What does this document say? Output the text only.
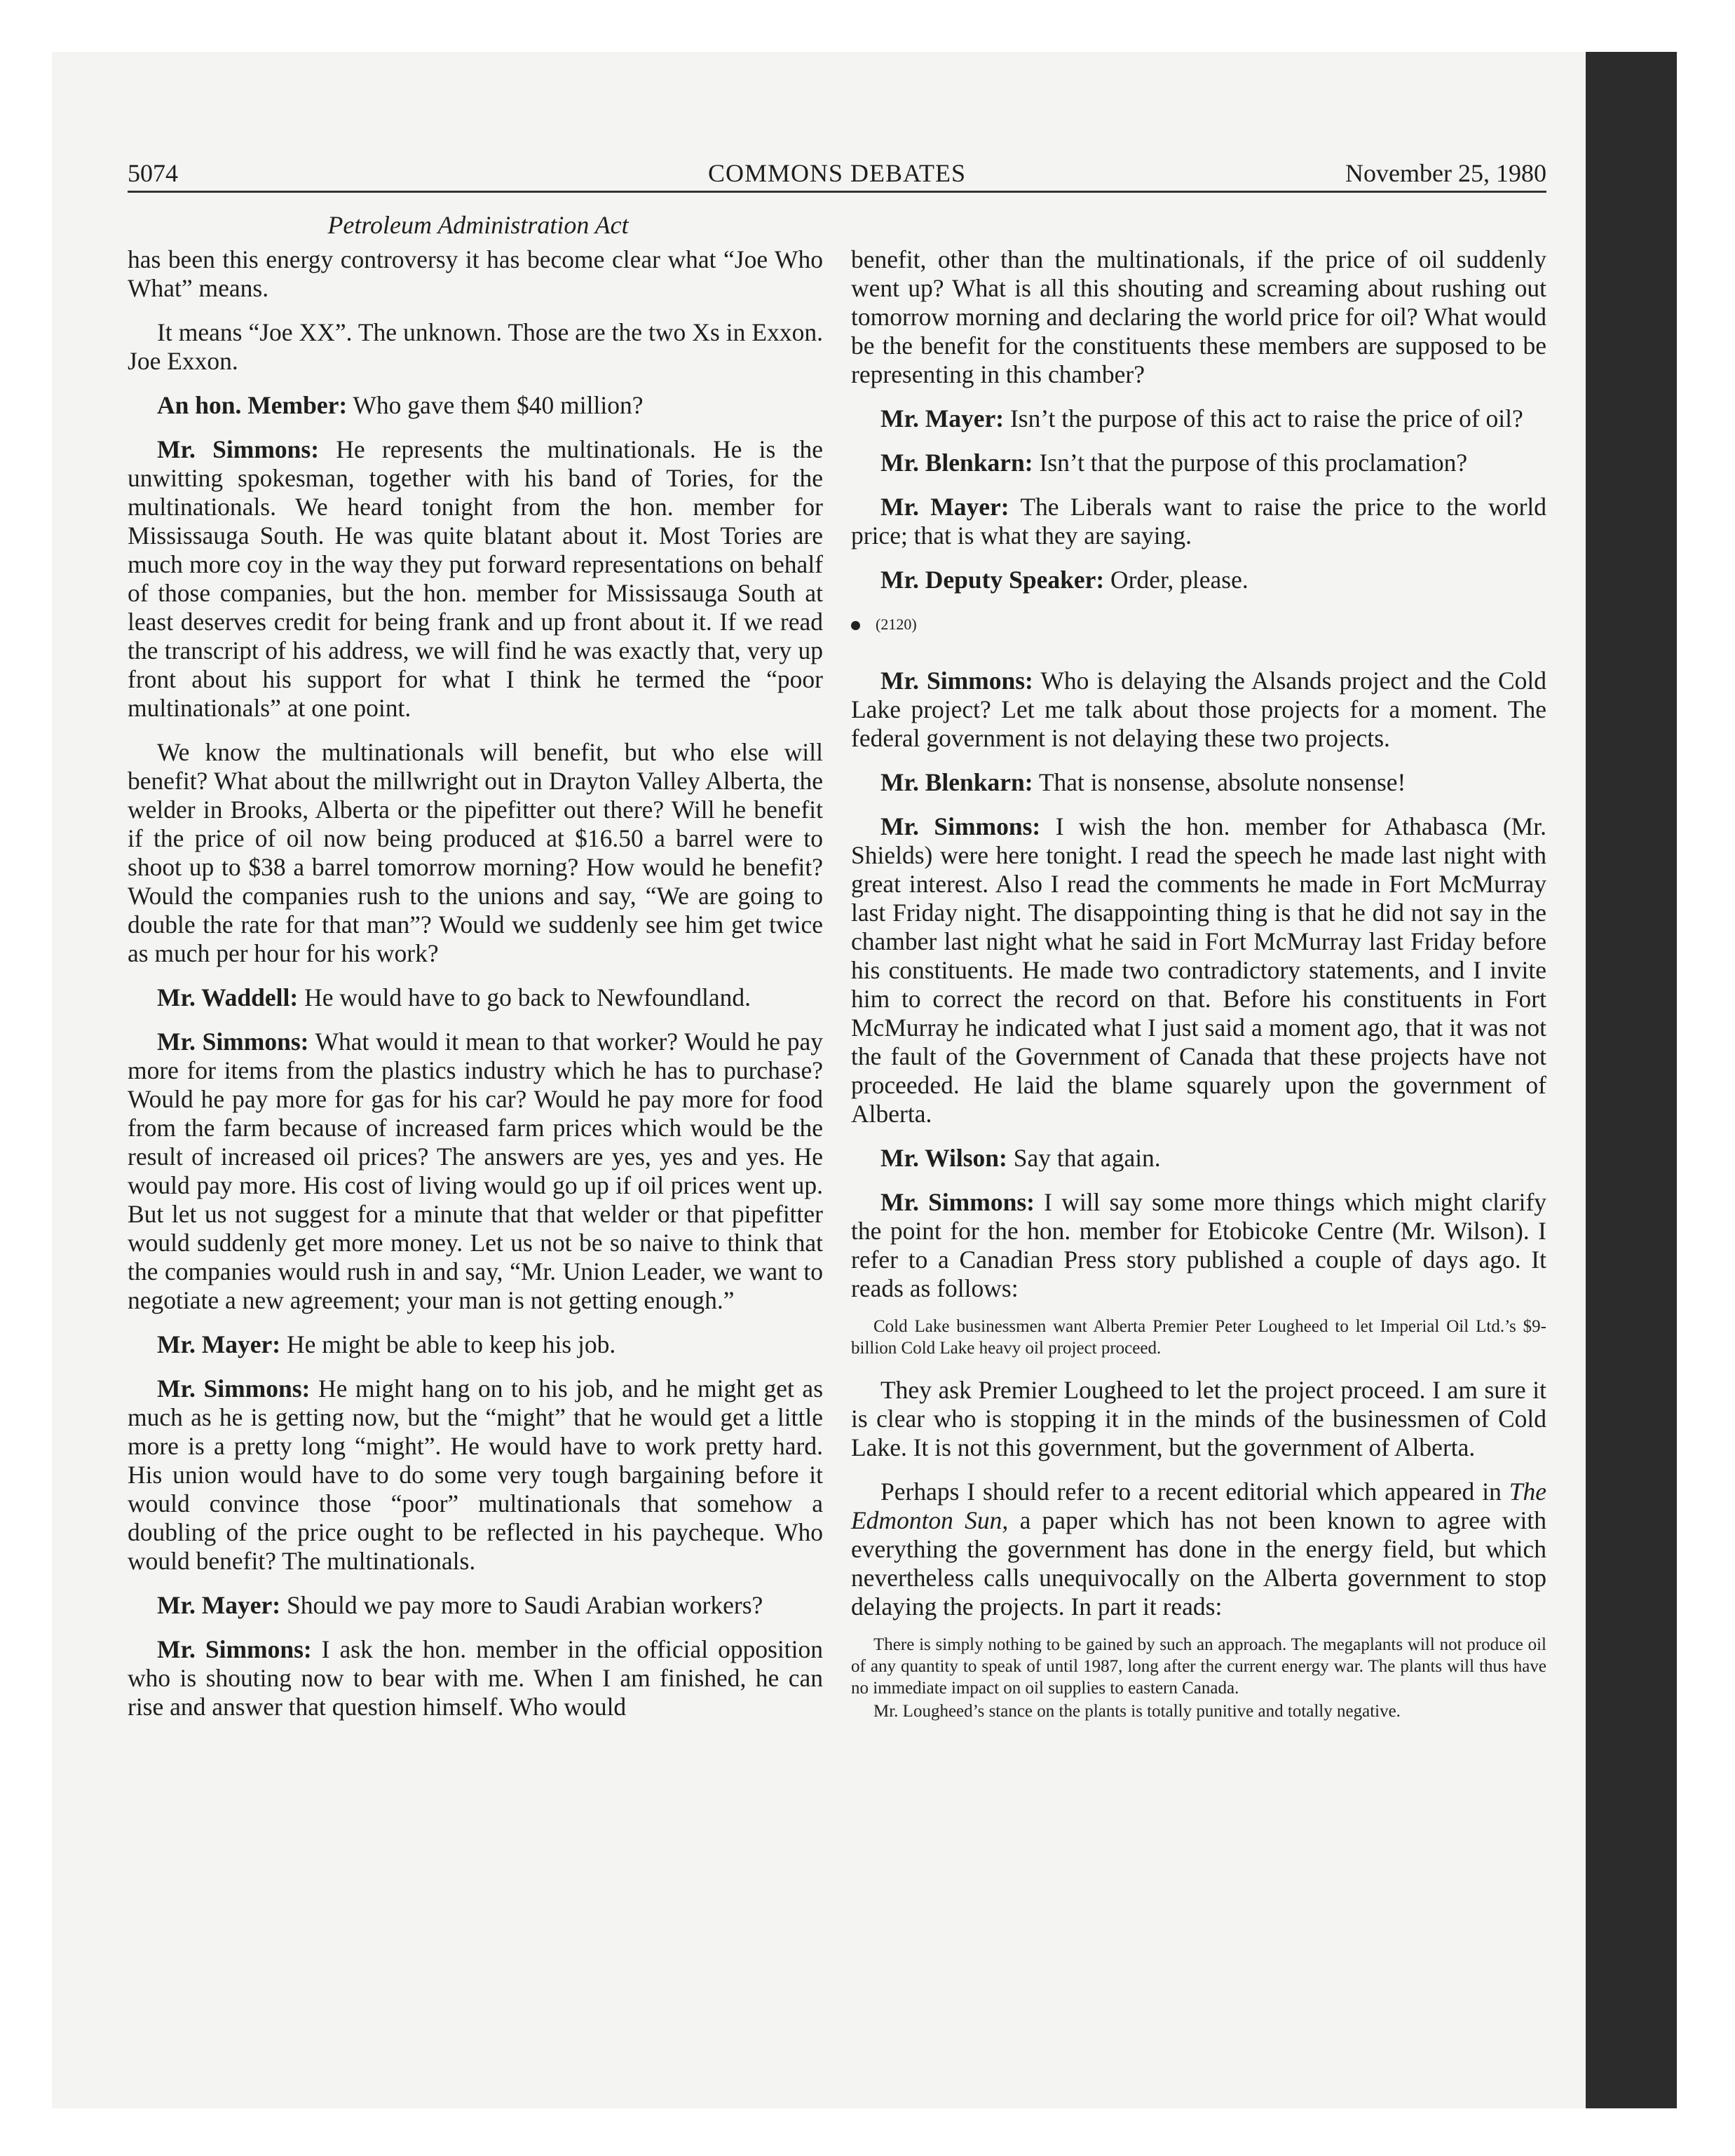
5074	COMMONS DEBATES	November 25, 1980
Petroleum Administration Act

has been this energy controversy it has become clear what “Joe Who What” means.

It means “Joe XX”. The unknown. Those are the two Xs in Exxon. Joe Exxon.

An hon. Member: Who gave them $40 million?

Mr. Simmons: He represents the multinationals. He is the unwitting spokesman, together with his band of Tories, for the multinationals. We heard tonight from the hon. member for Mississauga South. He was quite blatant about it. Most Tories are much more coy in the way they put forward representations on behalf of those companies, but the hon. member for Mississauga South at least deserves credit for being frank and up front about it. If we read the transcript of his address, we will find he was exactly that, very up front about his support for what I think he termed the “poor multinationals” at one point.

We know the multinationals will benefit, but who else will benefit? What about the millwright out in Drayton Valley Alberta, the welder in Brooks, Alberta or the pipefitter out there? Will he benefit if the price of oil now being produced at $16.50 a barrel were to shoot up to $38 a barrel tomorrow morning? How would he benefit? Would the companies rush to the unions and say, “We are going to double the rate for that man”? Would we suddenly see him get twice as much per hour for his work?

Mr. Waddell: He would have to go back to Newfoundland.

Mr. Simmons: What would it mean to that worker? Would he pay more for items from the plastics industry which he has to purchase? Would he pay more for gas for his car? Would he pay more for food from the farm because of increased farm prices which would be the result of increased oil prices? The answers are yes, yes and yes. He would pay more. His cost of living would go up if oil prices went up. But let us not suggest for a minute that that welder or that pipefitter would suddenly get more money. Let us not be so naive to think that the companies would rush in and say, “Mr. Union Leader, we want to negotiate a new agreement; your man is not getting enough.”

Mr. Mayer: He might be able to keep his job.

Mr. Simmons: He might hang on to his job, and he might get as much as he is getting now, but the “might” that he would get a little more is a pretty long “might”. He would have to work pretty hard. His union would have to do some very tough bargaining before it would convince those “poor” multinationals that somehow a doubling of the price ought to be reflected in his paycheque. Who would benefit? The multinationals.

Mr. Mayer: Should we pay more to Saudi Arabian workers?

Mr. Simmons: I ask the hon. member in the official opposition who is shouting now to bear with me. When I am finished, he can rise and answer that question himself. Who would

benefit, other than the multinationals, if the price of oil suddenly went up? What is all this shouting and screaming about rushing out tomorrow morning and declaring the world price for oil? What would be the benefit for the constituents these members are supposed to be representing in this chamber?

Mr. Mayer: Isn’t the purpose of this act to raise the price of oil?

Mr. Blenkarn: Isn’t that the purpose of this proclamation?

Mr. Mayer: The Liberals want to raise the price to the world price; that is what they are saying.

Mr. Deputy Speaker: Order, please.

(2120)

Mr. Simmons: Who is delaying the Alsands project and the Cold Lake project? Let me talk about those projects for a moment. The federal government is not delaying these two projects.

Mr. Blenkarn: That is nonsense, absolute nonsense!

Mr. Simmons: I wish the hon. member for Athabasca (Mr. Shields) were here tonight. I read the speech he made last night with great interest. Also I read the comments he made in Fort McMurray last Friday night. The disappointing thing is that he did not say in the chamber last night what he said in Fort McMurray last Friday before his constituents. He made two contradictory statements, and I invite him to correct the record on that. Before his constituents in Fort McMurray he indicated what I just said a moment ago, that it was not the fault of the Government of Canada that these projects have not proceeded. He laid the blame squarely upon the government of Alberta.

Mr. Wilson: Say that again.

Mr. Simmons: I will say some more things which might clarify the point for the hon. member for Etobicoke Centre (Mr. Wilson). I refer to a Canadian Press story published a couple of days ago. It reads as follows:

Cold Lake businessmen want Alberta Premier Peter Lougheed to let Imperial Oil Ltd.’s $9-billion Cold Lake heavy oil project proceed.

They ask Premier Lougheed to let the project proceed. I am sure it is clear who is stopping it in the minds of the businessmen of Cold Lake. It is not this government, but the government of Alberta.

Perhaps I should refer to a recent editorial which appeared in The Edmonton Sun, a paper which has not been known to agree with everything the government has done in the energy field, but which nevertheless calls unequivocally on the Alberta government to stop delaying the projects. In part it reads:

There is simply nothing to be gained by such an approach. The megaplants will not produce oil of any quantity to speak of until 1987, long after the current energy war. The plants will thus have no immediate impact on oil supplies to eastern Canada.
Mr. Lougheed’s stance on the plants is totally punitive and totally negative.
